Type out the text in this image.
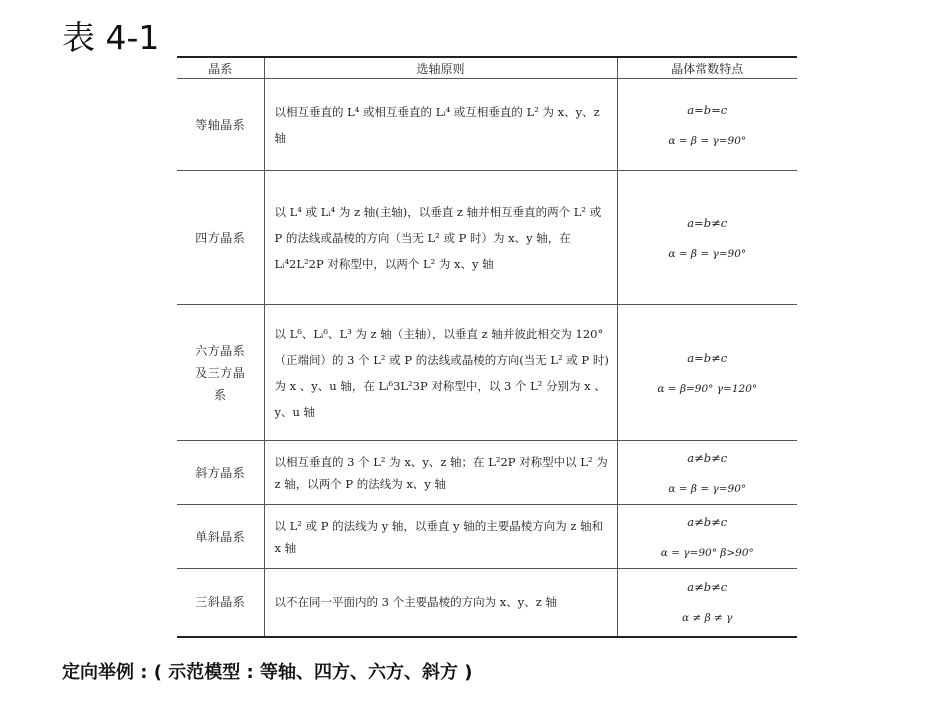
表 4-1
晶系	选轴原则	晶体常数特点
等轴晶系	以相互垂直的 L⁴ 或相互垂直的 Lᵢ⁴ 或互相垂直的 L² 为 x、y、z 轴	a=b=c
α = β = γ=90°

四方晶系	以 L⁴ 或 Lᵢ⁴ 为 z 轴(主轴)，以垂直 z 轴并相互垂直的两个 L² 或 P 的法线或晶棱的方向（当无 L² 或 P 时）为 x、y 轴，在 Lᵢ⁴2L²2P 对称型中，以两个 L² 为 x、y 轴	a=b≠c
α = β = γ=90°

六方晶系及三方晶系	以 L⁶、Lᵢ⁶、L³ 为 z 轴（主轴），以垂直 z 轴并彼此相交为 120° （正端间）的 3 个 L² 或 P 的法线或晶棱的方向(当无 L² 或 P 时)为 x 、y、u 轴，在 Lᵢ⁶3L²3P 对称型中，以 3 个 L² 分别为 x 、y、u 轴	a=b≠c
α = β=90° γ=120°

斜方晶系	以相互垂直的 3 个 L² 为 x、y、z 轴；在 L²2P 对称型中以 L² 为 z 轴，以两个 P 的法线为 x、y 轴	a≠b≠c
α = β = γ=90°

单斜晶系	以 L² 或 P 的法线为 y 轴，以垂直 y 轴的主要晶棱方向为 z 轴和 x 轴	a≠b≠c
α = γ=90° β>90°

三斜晶系	以不在同一平面内的 3 个主要晶棱的方向为 x、y、z 轴	a≠b≠c
α ≠ β ≠ γ
定向举例 : ( 示范模型 : 等轴、四方、六方、斜方 )
